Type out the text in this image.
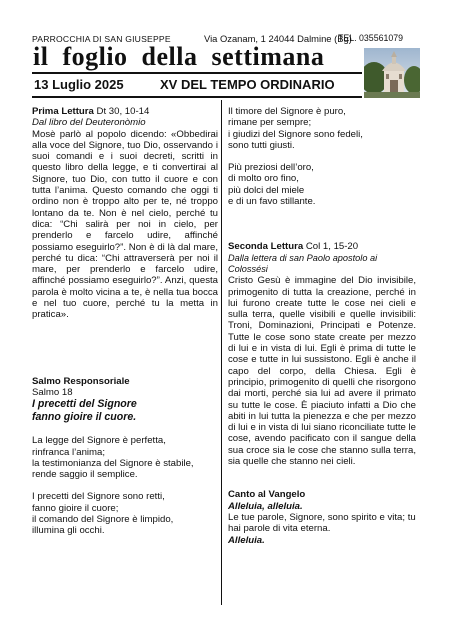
PARROCCHIA DI SAN GIUSEPPE	Via Ozanam, 1 24044 Dalmine (Bg)
TEL. 035561079
il foglio della settimana
13 Luglio 2025	XV DEL TEMPO ORDINARIO
Prima Lettura Dt 30, 10-14
Dal libro del Deuteronòmio
Mosè parlò al popolo dicendo: «Obbedirai alla voce del Signore, tuo Dio, osservando i suoi comandi e i suoi decreti, scritti in questo libro della legge, e ti convertirai al Signore, tuo Dio, con tutto il cuore e con tutta l’anima. Questo comando che oggi ti ordino non è troppo alto per te, né troppo lontano da te. Non è nel cielo, perché tu dica: “Chi salirà per noi in cielo, per prenderlo e farcelo udire, affinché possiamo eseguirlo?”. Non è di là dal mare, perché tu dica: “Chi attraverserà per noi il mare, per prenderlo e farcelo udire, affinché possiamo eseguirlo?”. Anzi, questa parola è molto vicina a te, è nella tua bocca e nel tuo cuore, perché tu la metta in pratica».
Salmo Responsoriale
Salmo 18
I precetti del Signore
fanno gioire il cuore.
La legge del Signore è perfetta,
rinfranca l’anima;
la testimonianza del Signore è stabile,
rende saggio il semplice.
I precetti del Signore sono retti,
fanno gioire il cuore;
il comando del Signore è limpido,
illumina gli occhi.
Il timore del Signore è puro,
rimane per sempre;
i giudizi del Signore sono fedeli,
sono tutti giusti.
Più preziosi dell’oro,
di molto oro fino,
più dolci del miele
e di un favo stillante.
Seconda Lettura Col 1, 15-20
Dalla lettera di san Paolo apostolo ai Colossési
Cristo Gesù è immagine del Dio invisibile, primogenito di tutta la creazione, perché in lui furono create tutte le cose nei cieli e sulla terra, quelle visibili e quelle invisibili: Troni, Dominazioni, Principati e Potenze. Tutte le cose sono state create per mezzo di lui e in vista di lui. Egli è prima di tutte le cose e tutte in lui sussistono. Egli è anche il capo del corpo, della Chiesa. Egli è principio, primogenito di quelli che risorgono dai morti, perché sia lui ad avere il primato su tutte le cose. È piaciuto infatti a Dio che abiti in lui tutta la pienezza e che per mezzo di lui e in vista di lui siano riconciliate tutte le cose, avendo pacificato con il sangue della sua croce sia le cose che stanno sulla terra, sia quelle che stanno nei cieli.
Canto al Vangelo
Alleluia, alleluia.
Le tue parole, Signore, sono spirito e vita; tu hai parole di vita eterna.
Alleluia.
